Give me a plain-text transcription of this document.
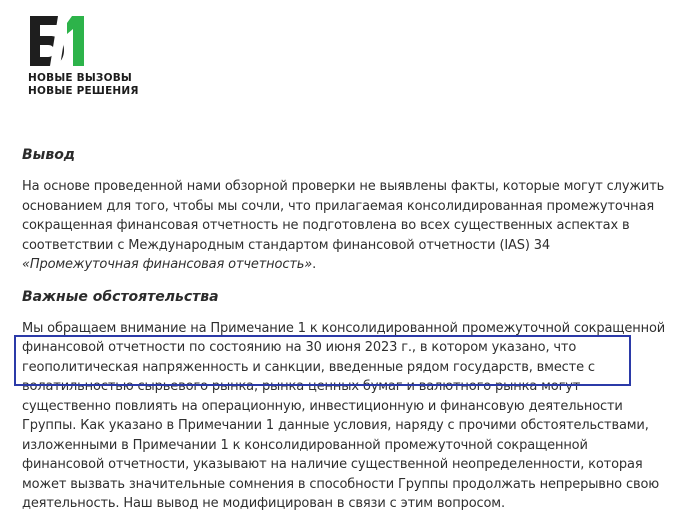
НОВЫЕ ВЫЗОВЫ
НОВЫЕ РЕШЕНИЯ
Вывод

На основе проведенной нами обзорной проверки не выявлены факты, которые могут служить
основанием для того, чтобы мы сочли, что прилагаемая консолидированная промежуточная
сокращенная финансовая отчетность не подготовлена во всех существенных аспектах в
соответствии с Международным стандартом финансовой отчетности (IAS) 34
«Промежуточная финансовая отчетность».

Важные обстоятельства

Мы обращаем внимание на Примечание 1 к консолидированной промежуточной сокращенной
финансовой отчетности по состоянию на 30 июня 2023 г., в котором указано, что
геополитическая напряженность и санкции, введенные рядом государств, вместе с
волатильностью сырьевого рынка, рынка ценных бумаг и валютного рынка могут
существенно повлиять на операционную, инвестиционную и финансовую деятельности
Группы. Как указано в Примечании 1 данные условия, наряду с прочими обстоятельствами,
изложенными в Примечании 1 к консолидированной промежуточной сокращенной
финансовой отчетности, указывают на наличие существенной неопределенности, которая
может вызвать значительные сомнения в способности Группы продолжать непрерывно свою
деятельность. Наш вывод не модифицирован в связи с этим вопросом.
